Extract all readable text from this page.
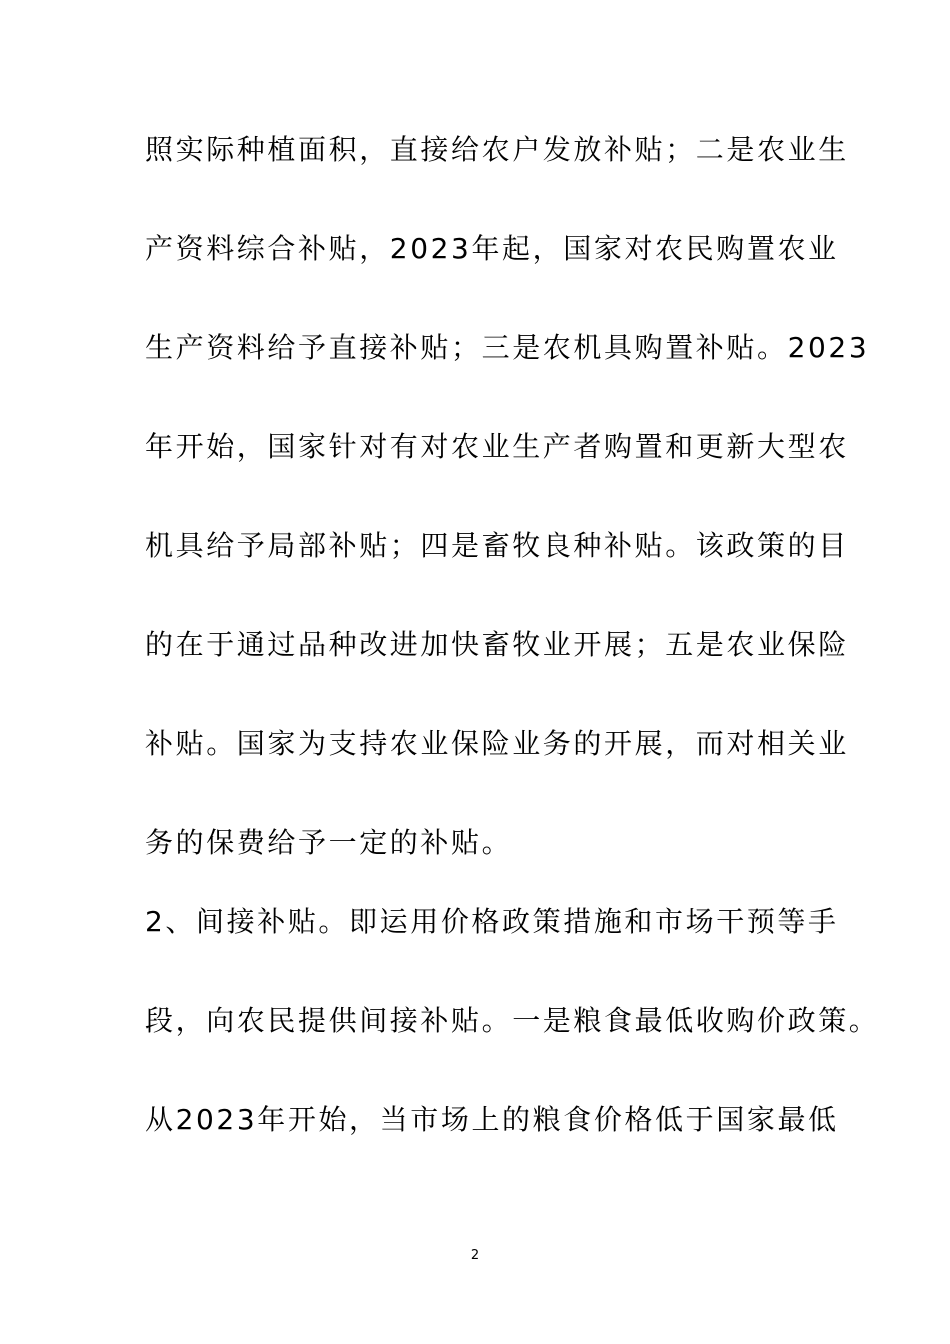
照实际种植面积，直接给农户发放补贴；二是农业生
产资料综合补贴，2023年起，国家对农民购置农业
生产资料给予直接补贴；三是农机具购置补贴。2023
年开始，国家针对有对农业生产者购置和更新大型农
机具给予局部补贴；四是畜牧良种补贴。该政策的目
的在于通过品种改进加快畜牧业开展；五是农业保险
补贴。国家为支持农业保险业务的开展，而对相关业
务的保费给予一定的补贴。
2、间接补贴。即运用价格政策措施和市场干预等手
段，向农民提供间接补贴。一是粮食最低收购价政策。
从2023年开始，当市场上的粮食价格低于国家最低
2
